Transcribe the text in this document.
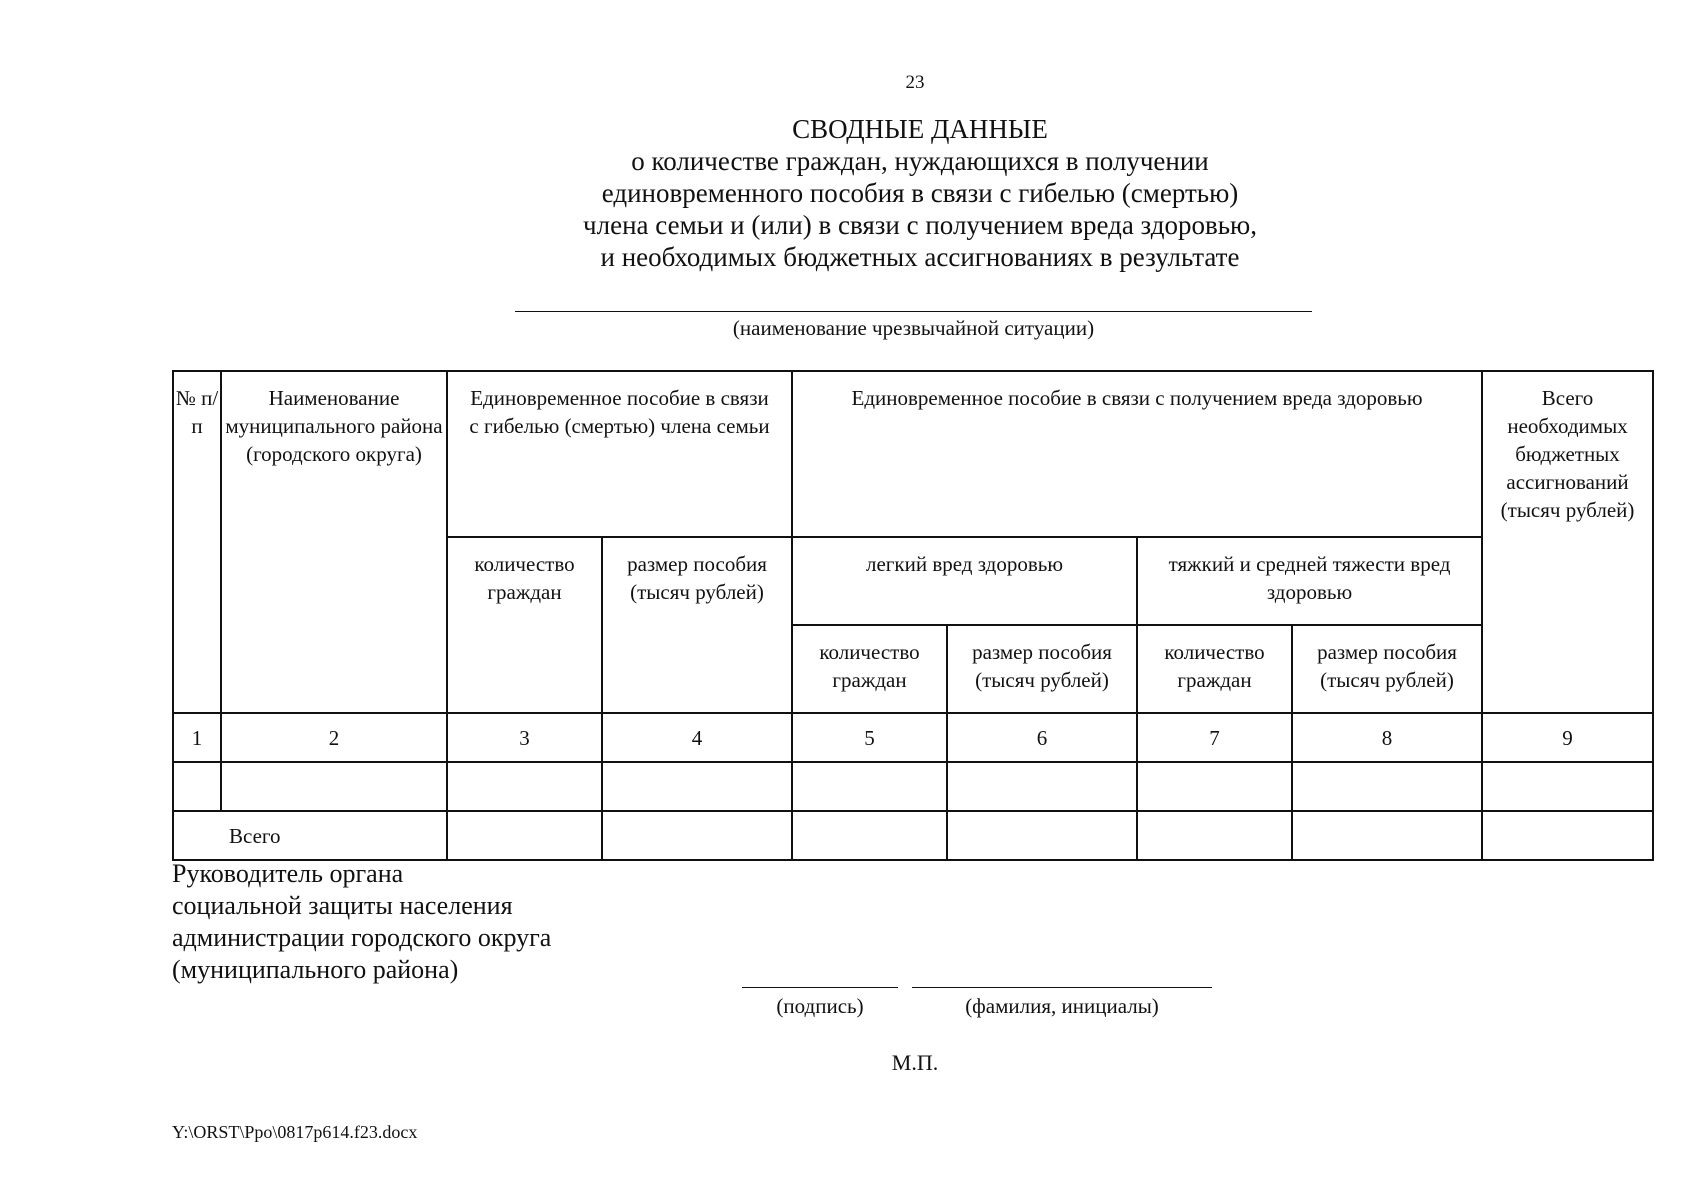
23
СВОДНЫЕ ДАННЫЕ
о количестве граждан, нуждающихся в получении
единовременного пособия в связи с гибелью (смертью)
члена семьи и (или) в связи с получением вреда здоровью,
и необходимых бюджетных ассигнованиях в результате
(наименование чрезвычайной ситуации)
№ п/п	Наименование муниципального района (городского округа)	Единовременное пособие в связи с гибелью (смертью) члена семьи		Единовременное пособие в связи с получением вреда здоровью				Всего необходимых бюджетных ассигнований (тысяч рублей)

		количество граждан	размер пособия (тысяч рублей)	легкий вред здоровью		тяжкий и средней тяжести вред здоровью		

				количество граждан	размер пособия (тысяч рублей)	количество граждан	размер пособия (тысяч рублей)	

1	2	3	4	5	6	7	8	9

Всего								
Руководитель органа
социальной защиты населения
администрации городского округа
(муниципального района)
(подпись)	(фамилия, инициалы)
М.П.
Y:\ORST\Ppo\0817p614.f23.docx
